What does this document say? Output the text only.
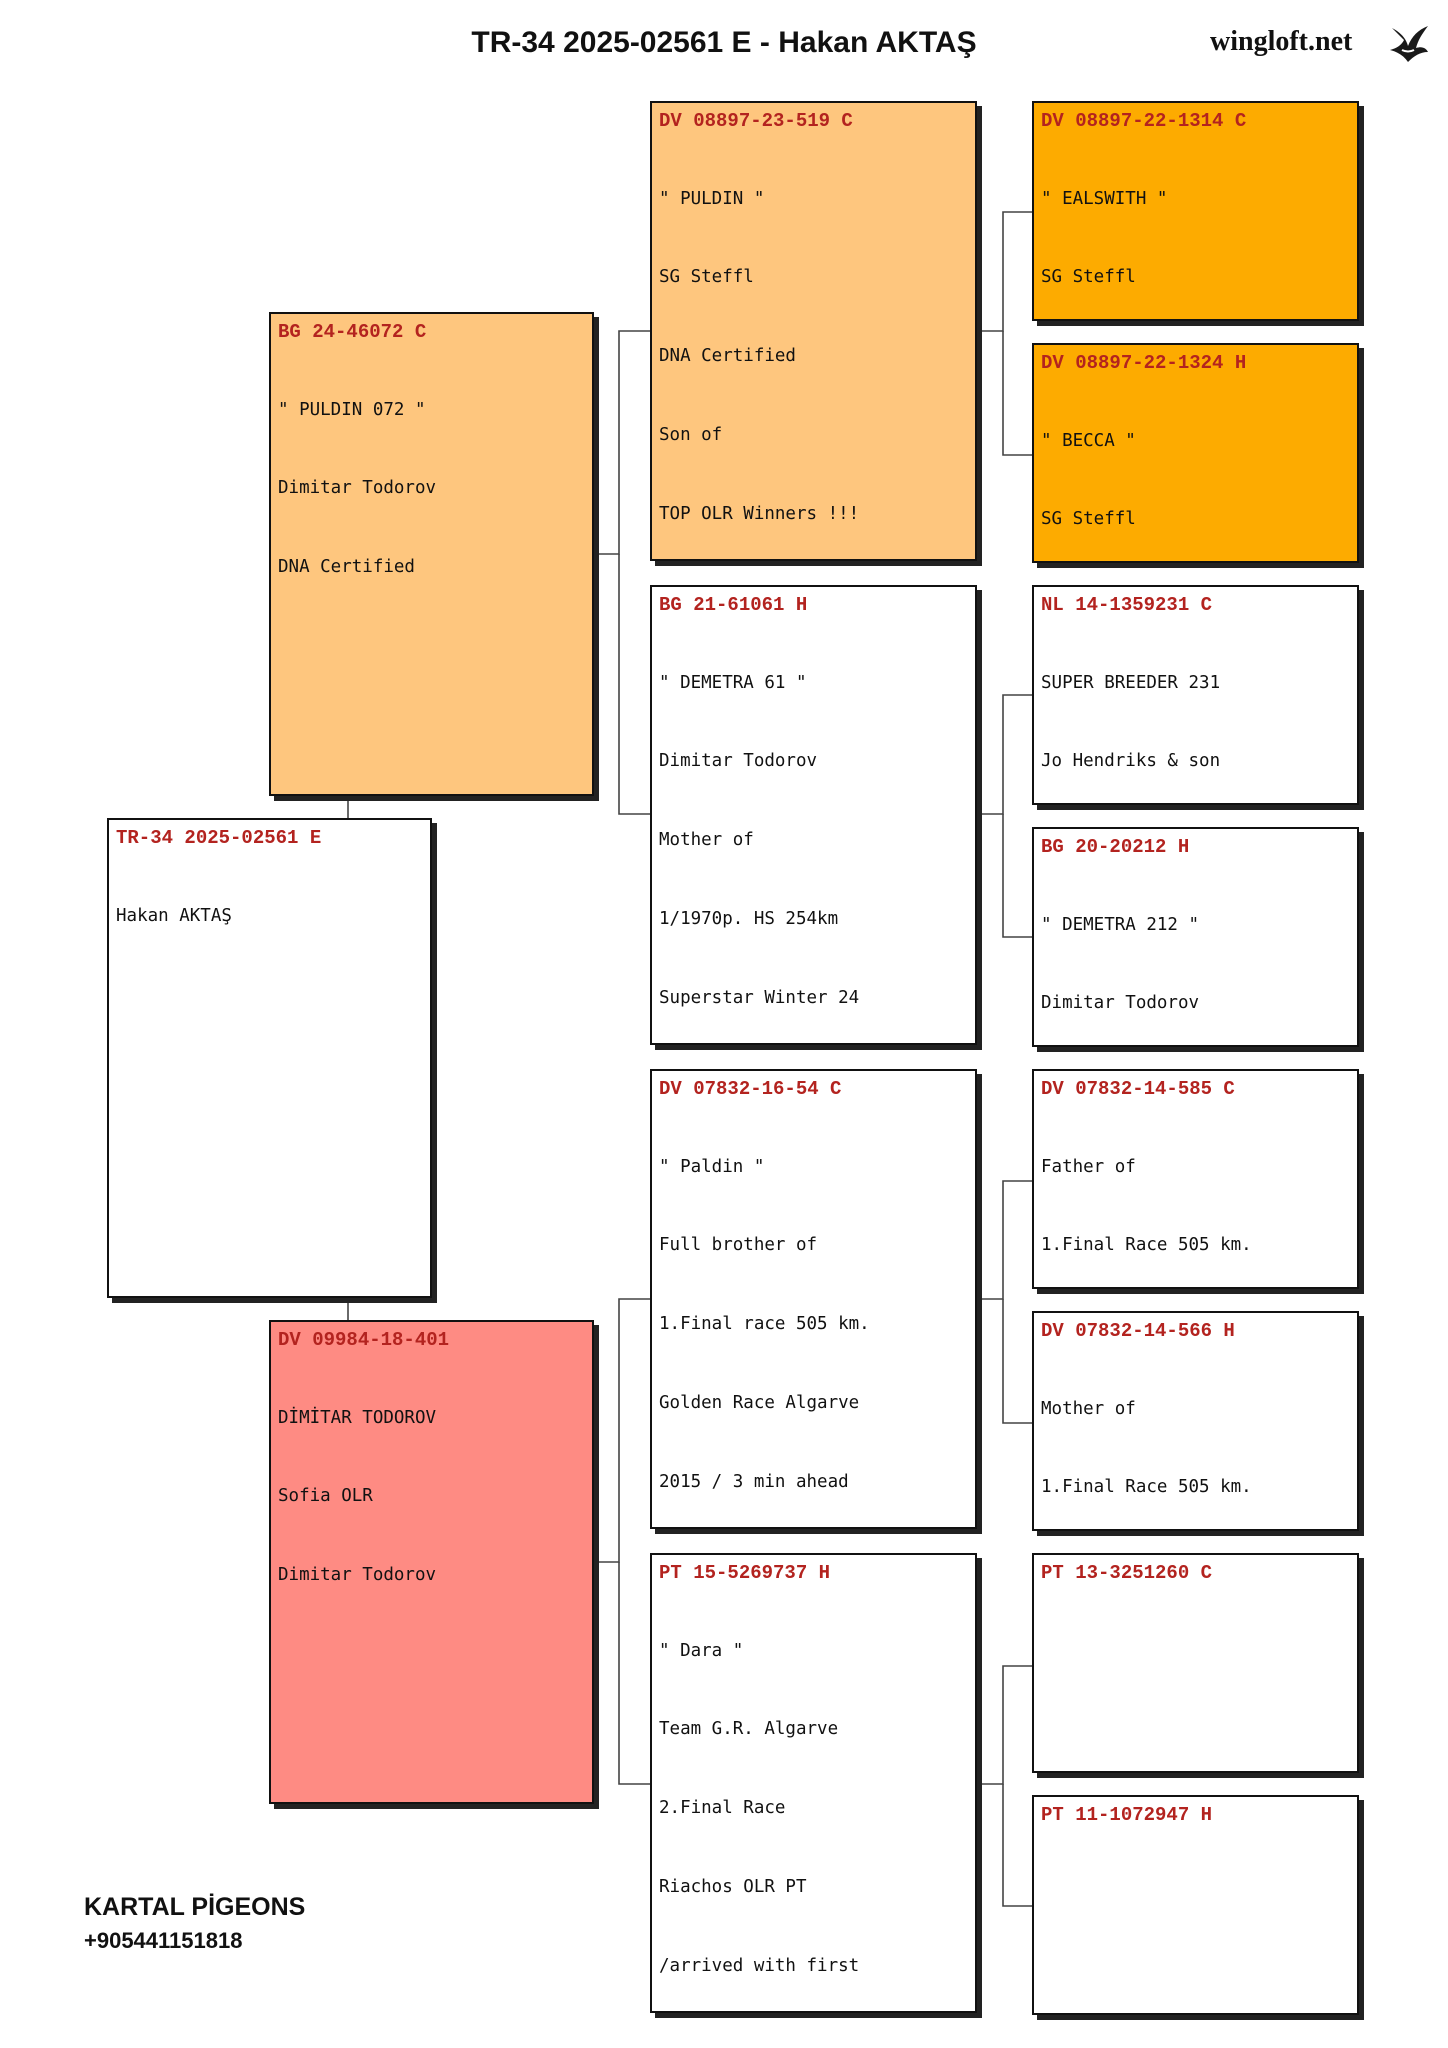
TR-34 2025-02561 E - Hakan AKTAŞ	wingloft.net
TR-34 2025-02561 E

Hakan AKTAŞ

BG 24-46072 C

" PULDIN 072 "

Dimitar Todorov

DNA Certified

DV 09984-18-401

DİMİTAR TODOROV

Sofia OLR

Dimitar Todorov

DV 08897-23-519 C

" PULDIN "

SG Steffl

DNA Certified

Son of

TOP OLR Winners !!!

BG 21-61061 H

" DEMETRA 61 "

Dimitar Todorov

Mother of

1/1970p. HS 254km

Superstar Winter 24

DV 07832-16-54 C

" Paldin "

Full brother of

1.Final race 505 km.

Golden Race Algarve

2015 / 3 min ahead

PT 15-5269737 H

" Dara "

Team G.R. Algarve

2.Final Race

Riachos OLR PT

/arrived with first

DV 08897-22-1314 C

" EALSWITH "

SG Steffl

DV 08897-22-1324 H

" BECCA "

SG Steffl

NL 14-1359231 C

SUPER BREEDER 231

Jo Hendriks & son

BG 20-20212 H

" DEMETRA 212 "

Dimitar Todorov

DV 07832-14-585 C

Father of

1.Final Race 505 km.

DV 07832-14-566 H

Mother of

1.Final Race 505 km.

PT 13-3251260 C
PT 11-1072947 H
KARTAL PİGEONS
+905441151818
